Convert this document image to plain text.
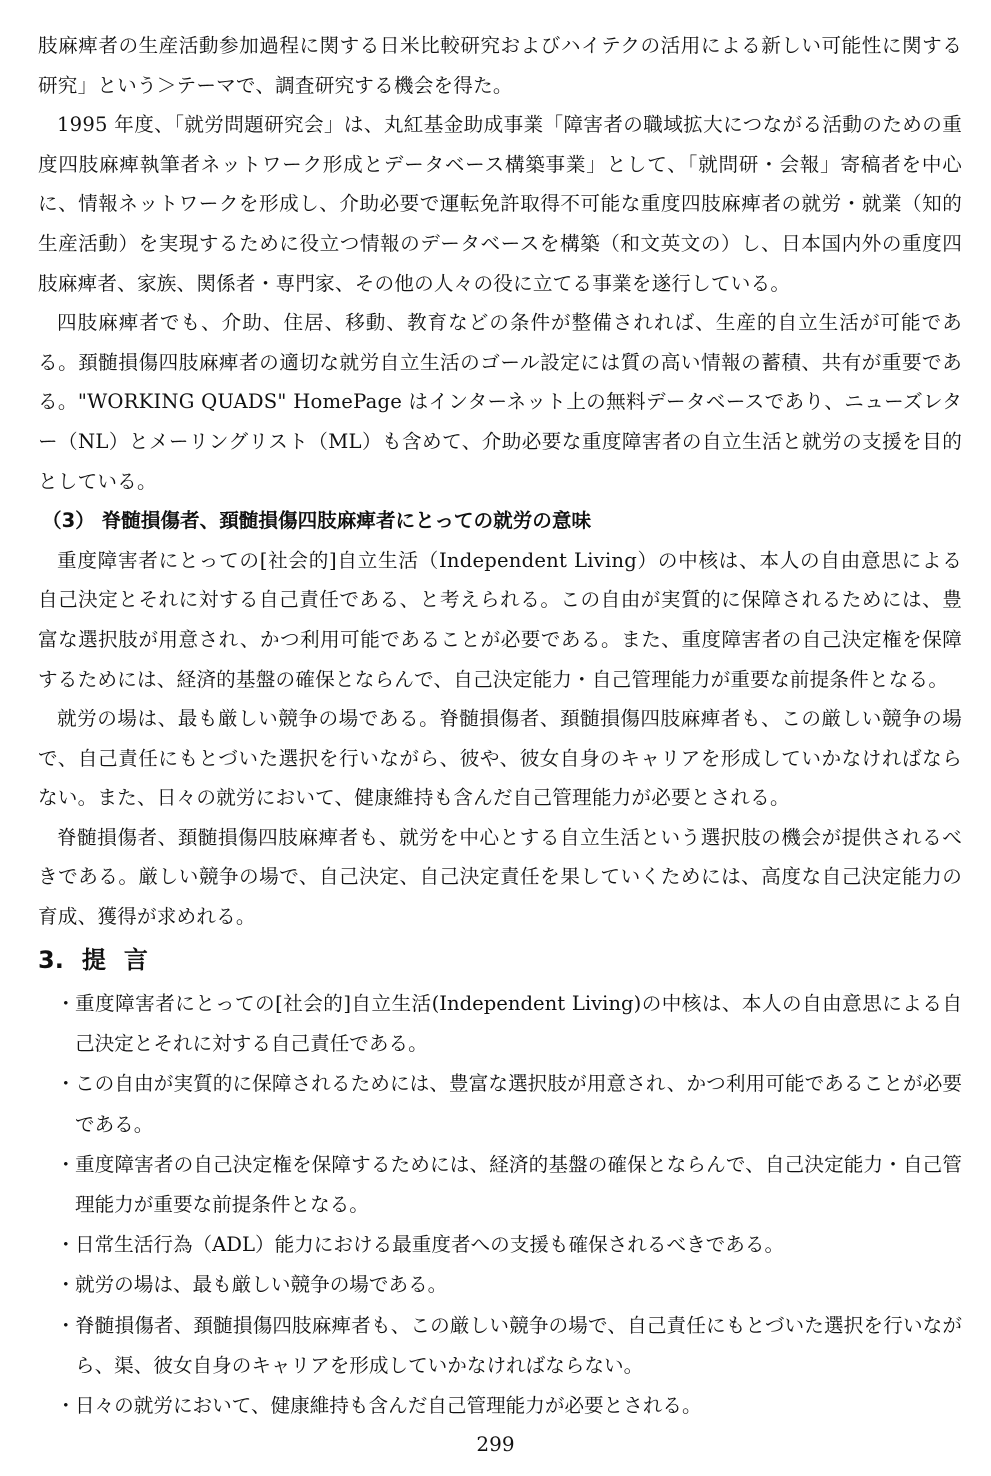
肢麻痺者の生産活動参加過程に関する日米比較研究およびハイテクの活用による新しい可能性に関する研究」という＞テーマで、調査研究する機会を得た。

1995 年度、「就労問題研究会」は、丸紅基金助成事業「障害者の職域拡大につながる活動のための重度四肢麻痺執筆者ネットワーク形成とデータベース構築事業」として、「就問研・会報」寄稿者を中心に、情報ネットワークを形成し、介助必要で運転免許取得不可能な重度四肢麻痺者の就労・就業（知的生産活動）を実現するために役立つ情報のデータベースを構築（和文英文の）し、日本国内外の重度四肢麻痺者、家族、関係者・専門家、その他の人々の役に立てる事業を遂行している。

四肢麻痺者でも、介助、住居、移動、教育などの条件が整備されれば、生産的自立生活が可能である。頚髄損傷四肢麻痺者の適切な就労自立生活のゴール設定には質の高い情報の蓄積、共有が重要である。"WORKING QUADS" HomePage はインターネット上の無料データベースであり、ニューズレター（NL）とメーリングリスト（ML）も含めて、介助必要な重度障害者の自立生活と就労の支援を目的としている。

（3） 脊髄損傷者、頚髄損傷四肢麻痺者にとっての就労の意味

重度障害者にとっての[社会的]自立生活（Independent Living）の中核は、本人の自由意思による自己決定とそれに対する自己責任である、と考えられる。この自由が実質的に保障されるためには、豊富な選択肢が用意され、かつ利用可能であることが必要である。また、重度障害者の自己決定権を保障するためには、経済的基盤の確保とならんで、自己決定能力・自己管理能力が重要な前提条件となる。

就労の場は、最も厳しい競争の場である。脊髄損傷者、頚髄損傷四肢麻痺者も、この厳しい競争の場で、自己責任にもとづいた選択を行いながら、彼や、彼女自身のキャリアを形成していかなければならない。また、日々の就労において、健康維持も含んだ自己管理能力が必要とされる。

脊髄損傷者、頚髄損傷四肢麻痺者も、就労を中心とする自立生活という選択肢の機会が提供されるべきである。厳しい競争の場で、自己決定、自己決定責任を果していくためには、高度な自己決定能力の育成、獲得が求めれる。

3. 提言
・ 重度障害者にとっての[社会的]自立生活(Independent Living)の中核は、本人の自由意思による自己決定とそれに対する自己責任である。
・ この自由が実質的に保障されるためには、豊富な選択肢が用意され、かつ利用可能であることが必要である。
・ 重度障害者の自己決定権を保障するためには、経済的基盤の確保とならんで、自己決定能力・自己管理能力が重要な前提条件となる。
・ 日常生活行為（ADL）能力における最重度者への支援も確保されるべきである。
・ 就労の場は、最も厳しい競争の場である。
・ 脊髄損傷者、頚髄損傷四肢麻痺者も、この厳しい競争の場で、自己責任にもとづいた選択を行いながら、渠、彼女自身のキャリアを形成していかなければならない。
・ 日々の就労において、健康維持も含んだ自己管理能力が必要とされる。
299
